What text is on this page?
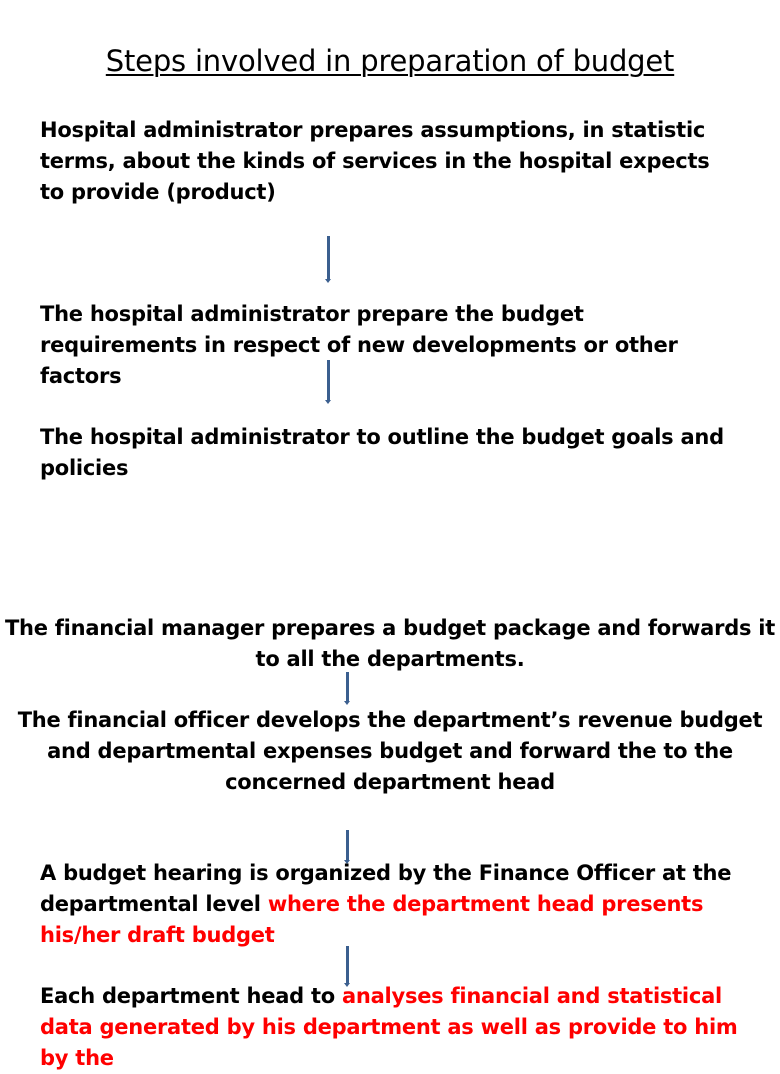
Steps involved in preparation of budget
Hospital administrator prepares assumptions, in statistic terms, about the kinds of services in the hospital expects to provide (product)
The hospital administrator prepare the budget requirements in respect of new developments or other factors
The hospital administrator to outline the budget goals and policies
The financial manager prepares a budget package and forwards it to all the departments.
The financial officer develops the department’s revenue budget and departmental expenses budget and forward the to the concerned department head
A budget hearing is organized by the Finance Officer at the departmental level where the department head presents his/her draft budget
Each department head to analyses financial and statistical data generated by his department as well as provide to him by the
